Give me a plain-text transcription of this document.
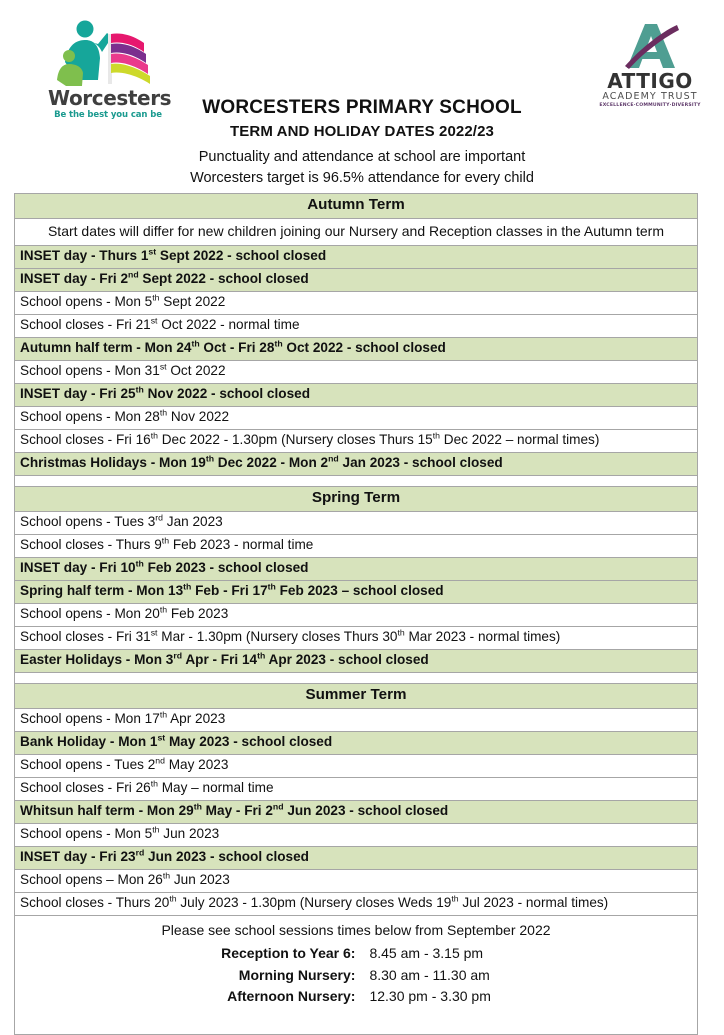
Worcesters
Be the best you can be
ATTIGO
ACADEMY TRUST
EXCELLENCE·COMMUNITY·DIVERSITY
WORCESTERS PRIMARY SCHOOL
TERM AND HOLIDAY DATES 2022/23
Punctuality and attendance at school are important
Worcesters target is 96.5% attendance for every child
Autumn Term
Start dates will differ for new children joining our Nursery and Reception classes in the Autumn term
INSET day - Thurs 1st Sept 2022 - school closed
INSET day - Fri 2nd Sept 2022 - school closed
School opens - Mon 5th Sept 2022
School closes - Fri 21st Oct 2022 - normal time
Autumn half term - Mon 24th Oct - Fri 28th Oct 2022 - school closed
School opens - Mon 31st Oct 2022
INSET day - Fri 25th Nov 2022 - school closed
School opens - Mon 28th Nov 2022
School closes - Fri 16th Dec 2022 - 1.30pm (Nursery closes Thurs 15th Dec 2022 – normal times)
Christmas Holidays - Mon 19th Dec 2022 - Mon 2nd Jan 2023 - school closed

Spring Term
School opens - Tues 3rd Jan 2023
School closes - Thurs 9th Feb 2023 - normal time
INSET day - Fri 10th Feb 2023 - school closed
Spring half term - Mon 13th Feb - Fri 17th Feb 2023 – school closed
School opens - Mon 20th Feb 2023
School closes - Fri 31st Mar - 1.30pm (Nursery closes Thurs 30th Mar 2023 - normal times)
Easter Holidays - Mon 3rd Apr - Fri 14th Apr 2023 - school closed

Summer Term
School opens - Mon 17th Apr 2023
Bank Holiday - Mon 1st May 2023 - school closed
School opens - Tues 2nd May 2023
School closes - Fri 26th May – normal time
Whitsun half term - Mon 29th May - Fri 2nd Jun 2023 - school closed
School opens - Mon 5th Jun 2023
INSET day - Fri 23rd Jun 2023 - school closed
School opens – Mon 26th Jun 2023
School closes - Thurs 20th July 2023 - 1.30pm (Nursery closes Weds 19th Jul 2023 - normal times)

Please see school sessions times below from September 2022
Reception to Year 6:	8.45 am - 3.15 pm
Morning Nursery:	8.30 am - 11.30 am
Afternoon Nursery:	12.30 pm - 3.30 pm
